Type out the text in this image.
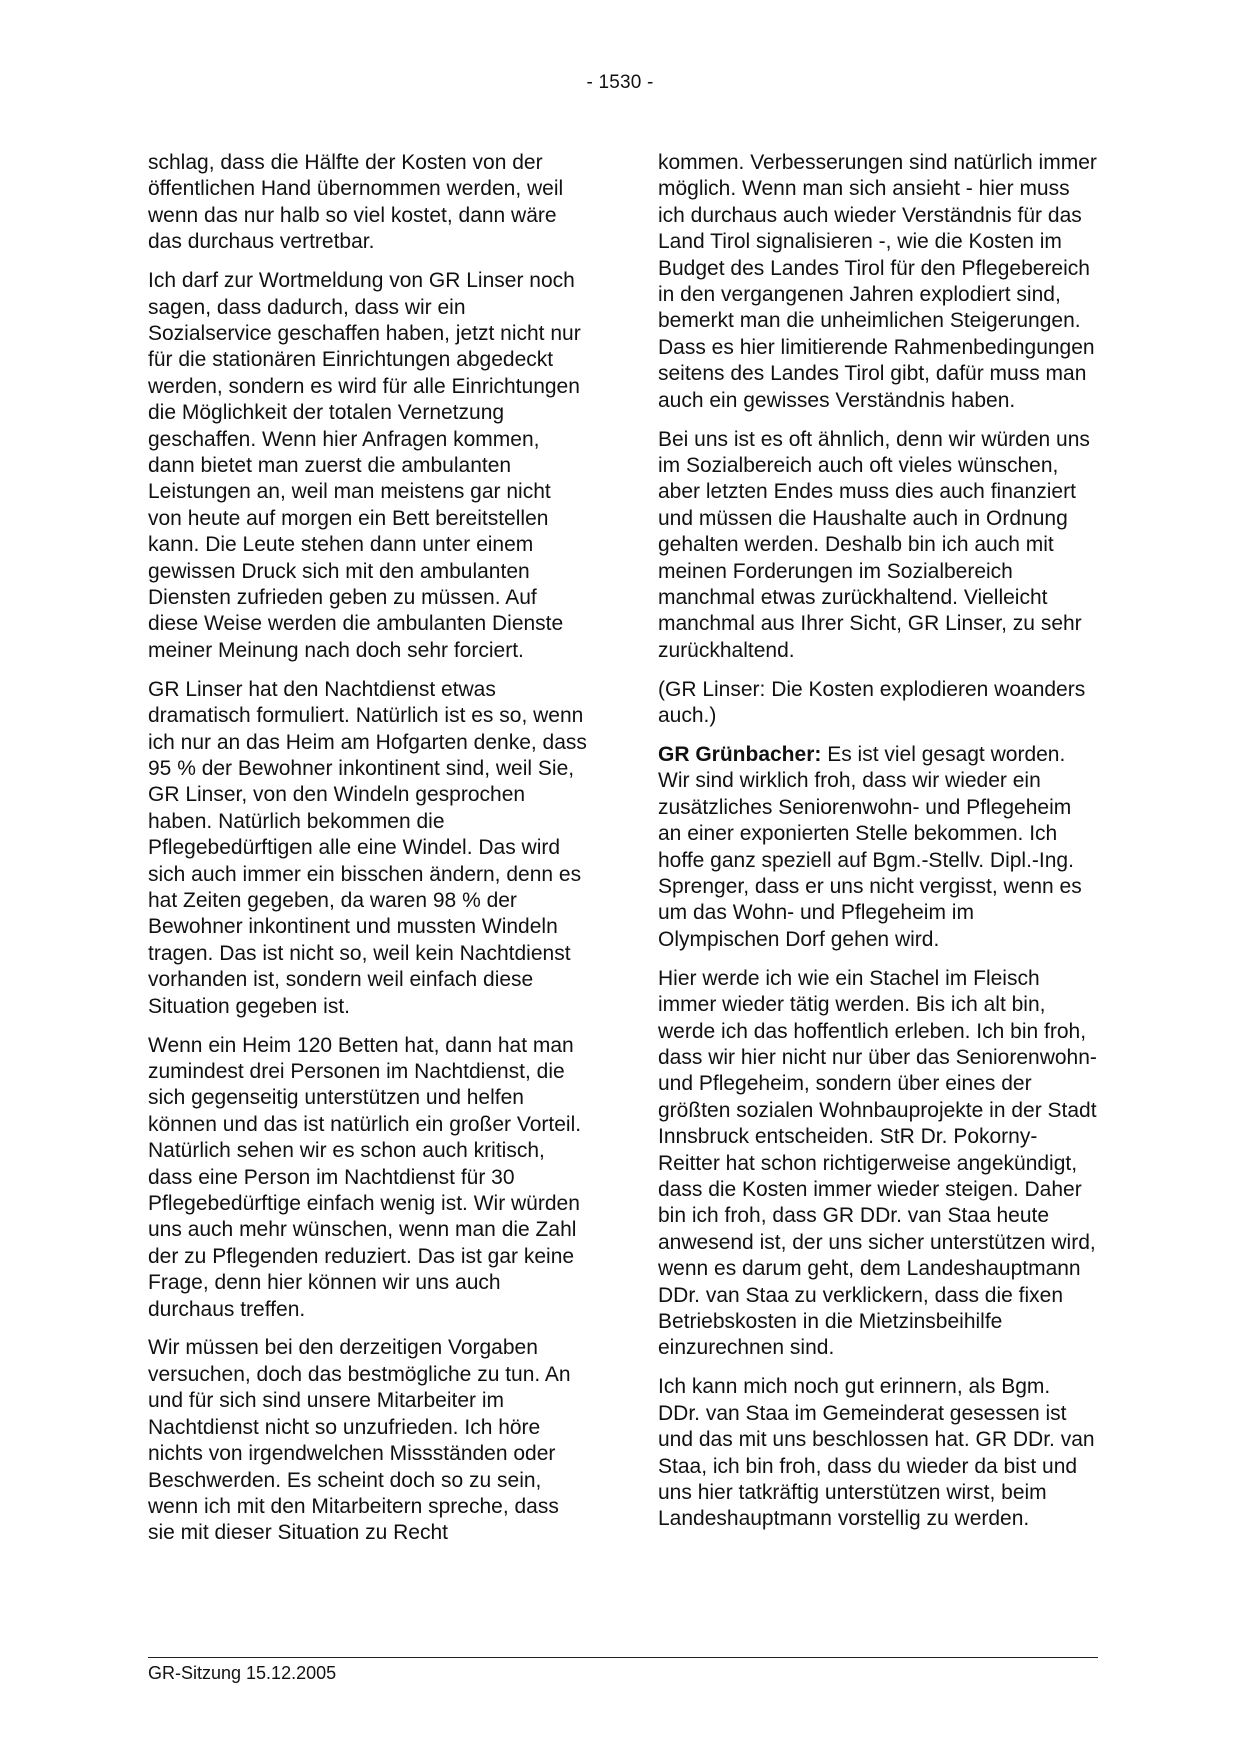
- 1530 -

schlag, dass die Hälfte der Kosten von der öffentlichen Hand übernommen werden, weil wenn das nur halb so viel kostet, dann wäre das durchaus vertretbar.

Ich darf zur Wortmeldung von GR Linser noch sagen, dass dadurch, dass wir ein Sozialservice geschaffen haben, jetzt nicht nur für die stationären Einrichtungen abgedeckt werden, sondern es wird für alle Einrichtungen die Möglichkeit der totalen Vernetzung geschaffen. Wenn hier Anfragen kommen, dann bietet man zuerst die ambulanten Leistungen an, weil man meistens gar nicht von heute auf morgen ein Bett bereitstellen kann. Die Leute stehen dann unter einem gewissen Druck sich mit den ambulanten Diensten zufrieden geben zu müssen. Auf diese Weise werden die ambulanten Dienste meiner Meinung nach doch sehr forciert.

GR Linser hat den Nachtdienst etwas dramatisch formuliert. Natürlich ist es so, wenn ich nur an das Heim am Hofgarten denke, dass 95 % der Bewohner inkontinent sind, weil Sie, GR Linser, von den Windeln gesprochen haben. Natürlich bekommen die Pflegebedürftigen alle eine Windel. Das wird sich auch immer ein bisschen ändern, denn es hat Zeiten gegeben, da waren 98 % der Bewohner inkontinent und mussten Windeln tragen. Das ist nicht so, weil kein Nachtdienst vorhanden ist, sondern weil einfach diese Situation gegeben ist.

Wenn ein Heim 120 Betten hat, dann hat man zumindest drei Personen im Nachtdienst, die sich gegenseitig unterstützen und helfen können und das ist natürlich ein großer Vorteil. Natürlich sehen wir es schon auch kritisch, dass eine Person im Nachtdienst für 30 Pflegebedürftige einfach wenig ist. Wir würden uns auch mehr wünschen, wenn man die Zahl der zu Pflegenden reduziert. Das ist gar keine Frage, denn hier können wir uns auch durchaus treffen.

Wir müssen bei den derzeitigen Vorgaben versuchen, doch das bestmögliche zu tun. An und für sich sind unsere Mitarbeiter im Nachtdienst nicht so unzufrieden. Ich höre nichts von irgendwelchen Missständen oder Beschwerden. Es scheint doch so zu sein, wenn ich mit den Mitarbeitern spreche, dass sie mit dieser Situation zu Recht

kommen. Verbesserungen sind natürlich immer möglich. Wenn man sich ansieht - hier muss ich durchaus auch wieder Verständnis für das Land Tirol signalisieren -, wie die Kosten im Budget des Landes Tirol für den Pflegebereich in den vergangenen Jahren explodiert sind, bemerkt man die unheimlichen Steigerungen. Dass es hier limitierende Rahmenbedingungen seitens des Landes Tirol gibt, dafür muss man auch ein gewisses Verständnis haben.

Bei uns ist es oft ähnlich, denn wir würden uns im Sozialbereich auch oft vieles wünschen, aber letzten Endes muss dies auch finanziert und müssen die Haushalte auch in Ordnung gehalten werden. Deshalb bin ich auch mit meinen Forderungen im Sozialbereich manchmal etwas zurückhaltend. Vielleicht manchmal aus Ihrer Sicht, GR Linser, zu sehr zurückhaltend.

(GR Linser: Die Kosten explodieren woanders auch.)

GR Grünbacher: Es ist viel gesagt worden. Wir sind wirklich froh, dass wir wieder ein zusätzliches Seniorenwohn- und Pflegeheim an einer exponierten Stelle bekommen. Ich hoffe ganz speziell auf Bgm.-Stellv. Dipl.-Ing. Sprenger, dass er uns nicht vergisst, wenn es um das Wohn- und Pflegeheim im Olympischen Dorf gehen wird.

Hier werde ich wie ein Stachel im Fleisch immer wieder tätig werden. Bis ich alt bin, werde ich das hoffentlich erleben. Ich bin froh, dass wir hier nicht nur über das Seniorenwohn- und Pflegeheim, sondern über eines der größten sozialen Wohnbauprojekte in der Stadt Innsbruck entscheiden. StR Dr. Pokorny-Reitter hat schon richtigerweise angekündigt, dass die Kosten immer wieder steigen. Daher bin ich froh, dass GR DDr. van Staa heute anwesend ist, der uns sicher unterstützen wird, wenn es darum geht, dem Landeshauptmann DDr. van Staa zu verklickern, dass die fixen Betriebskosten in die Mietzinsbeihilfe einzurechnen sind.

Ich kann mich noch gut erinnern, als Bgm. DDr. van Staa im Gemeinderat gesessen ist und das mit uns beschlossen hat. GR DDr. van Staa, ich bin froh, dass du wieder da bist und uns hier tatkräftig unterstützen wirst, beim Landeshauptmann vorstellig zu werden.

GR-Sitzung 15.12.2005
